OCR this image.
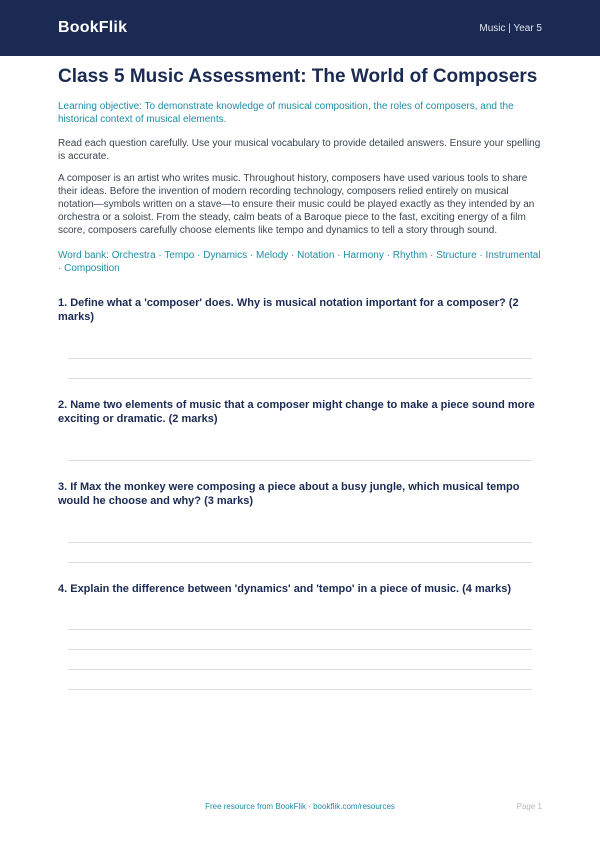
BookFlik	Music | Year 5
Class 5 Music Assessment: The World of Composers

Learning objective: To demonstrate knowledge of musical composition, the roles of composers, and the historical context of musical elements.

Read each question carefully. Use your musical vocabulary to provide detailed answers. Ensure your spelling is accurate.

A composer is an artist who writes music. Throughout history, composers have used various tools to share their ideas. Before the invention of modern recording technology, composers relied entirely on musical notation—symbols written on a stave—to ensure their music could be played exactly as they intended by an orchestra or a soloist. From the steady, calm beats of a Baroque piece to the fast, exciting energy of a film score, composers carefully choose elements like tempo and dynamics to tell a story through sound.

Word bank: Orchestra · Tempo · Dynamics · Melody · Notation · Harmony · Rhythm · Structure · Instrumental · Composition

1. Define what a 'composer' does. Why is musical notation important for a composer? (2 marks)

2. Name two elements of music that a composer might change to make a piece sound more exciting or dramatic. (2 marks)

3. If Max the monkey were composing a piece about a busy jungle, which musical tempo would he choose and why? (3 marks)

4. Explain the difference between 'dynamics' and 'tempo' in a piece of music. (4 marks)

Free resource from BookFlik · bookflik.com/resources	Page 1
